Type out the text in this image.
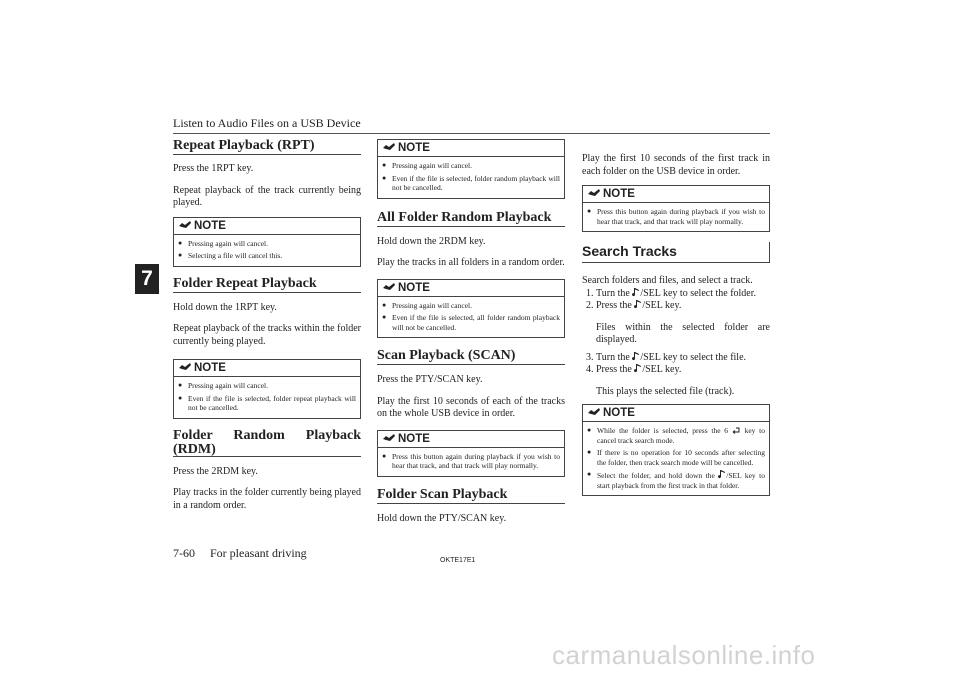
Listen to Audio Files on a USB Device
7
Repeat Playback (RPT)

Press the 1RPT key.

Repeat playback of the track currently being played.

NOTE
● Pressing again will cancel.
● Selecting a file will cancel this.
Folder Repeat Playback

Hold down the 1RPT key.

Repeat playback of the tracks within the folder currently being played.

NOTE
● Pressing again will cancel.
● Even if the file is selected, folder repeat playback will not be cancelled.
Folder Random Playback
(RDM)

Press the 2RDM key.

Play tracks in the folder currently being played in a random order.

NOTE
● Pressing again will cancel.
● Even if the file is selected, folder random playback will not be cancelled.
All Folder Random Playback

Hold down the 2RDM key.

Play the tracks in all folders in a random order.

NOTE
● Pressing again will cancel.
● Even if the file is selected, all folder random playback will not be cancelled.
Scan Playback (SCAN)

Press the PTY/SCAN key.

Play the first 10 seconds of each of the tracks on the whole USB device in order.

NOTE
● Press this button again during playback if you wish to hear that track, and that track will play normally.
Folder Scan Playback

Hold down the PTY/SCAN key.

Play the first 10 seconds of the first track in each folder on the USB device in order.

NOTE
● Press this button again during playback if you wish to hear that track, and that track will play normally.
Search Tracks

Search folders and files, and select a track.

1. Turn the /SEL key to select the folder.
2. Press the /SEL key.
Files within the selected folder are displayed.
3. Turn the /SEL key to select the file.
4. Press the /SEL key.
This plays the selected file (track).
NOTE
● While the folder is selected, press the 6 key to cancel track search mode.
● If there is no operation for 10 seconds after selecting the folder, then track search mode will be cancelled.
● Select the folder, and hold down the /SEL key to start playback from the first track in that folder.
7-60 For pleasant driving
OKTE17E1
carmanualsonline.info
